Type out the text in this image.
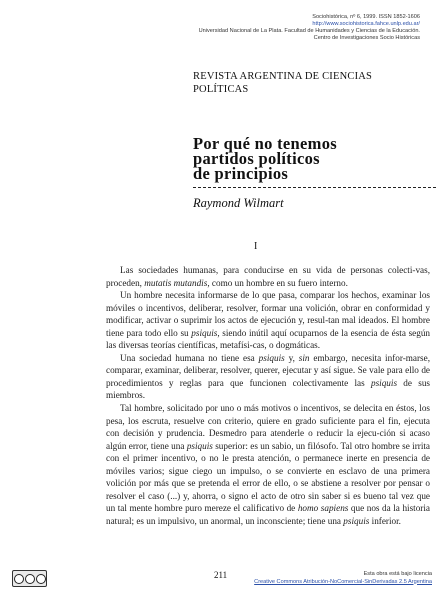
Sociohistórica, nº 6, 1999. ISSN 1852-1606
http://www.sociohistorica.fahce.unlp.edu.ar/
Universidad Nacional de La Plata. Facultad de Humanidades y Ciencias de la Educación.
Centro de Investigaciones Socio Históricas
REVISTA ARGENTINA DE CIENCIAS
POLÍTICAS
Por qué no tenemos
partidos políticos
de principios
Raymond Wilmart
I

Las sociedades humanas, para conducirse en su vida de personas colecti-vas, proceden, mutatis mutandis, como un hombre en su fuero interno.

Un hombre necesita informarse de lo que pasa, comparar los hechos, examinar los móviles o incentivos, deliberar, resolver, formar una volición, obrar en conformidad y modificar, activar o suprimir los actos de ejecución y, resul-tan mal ideados. El hombre tiene para todo ello su psiquis, siendo inútil aquí ocuparnos de la esencia de ésta según las diversas teorías científicas, metafísi-cas, o dogmáticas.

Una sociedad humana no tiene esa psiquis y, sin embargo, necesita infor-marse, comparar, examinar, deliberar, resolver, querer, ejecutar y así sigue. Se vale para ello de procedimientos y reglas para que funcionen colectivamente las psiquis de sus miembros.

Tal hombre, solicitado por uno o más motivos o incentivos, se delecita en éstos, los pesa, los escruta, resuelve con criterio, quiere en grado suficiente para el fin, ejecuta con decisión y prudencia. Desmedro para atenderle o reducir la ejecu-ción si acaso algún error, tiene una psiquis superior: es un sabio, un filósofo. Tal otro hombre se irrita con el primer incentivo, o no le presta atención, o permanece inerte en presencia de móviles varios; sigue ciego un impulso, o se convierte en esclavo de una primera volición por más que se pretenda el error de ello, o se abstiene a resolver por pensar o resolver el caso (...) y, ahorra, o signo el acto de otro sin saber si es bueno tal vez que un tal mente hombre puro mereze el calificativo de homo sapiens que nos da la historia natural; es un impulsivo, un anormal, un inconsciente; tiene una psiquis inferior.

211	Esta obra está bajo licencia
Creative Commons Atribución-NoComercial-SinDerivadas 2.5 Argentina
